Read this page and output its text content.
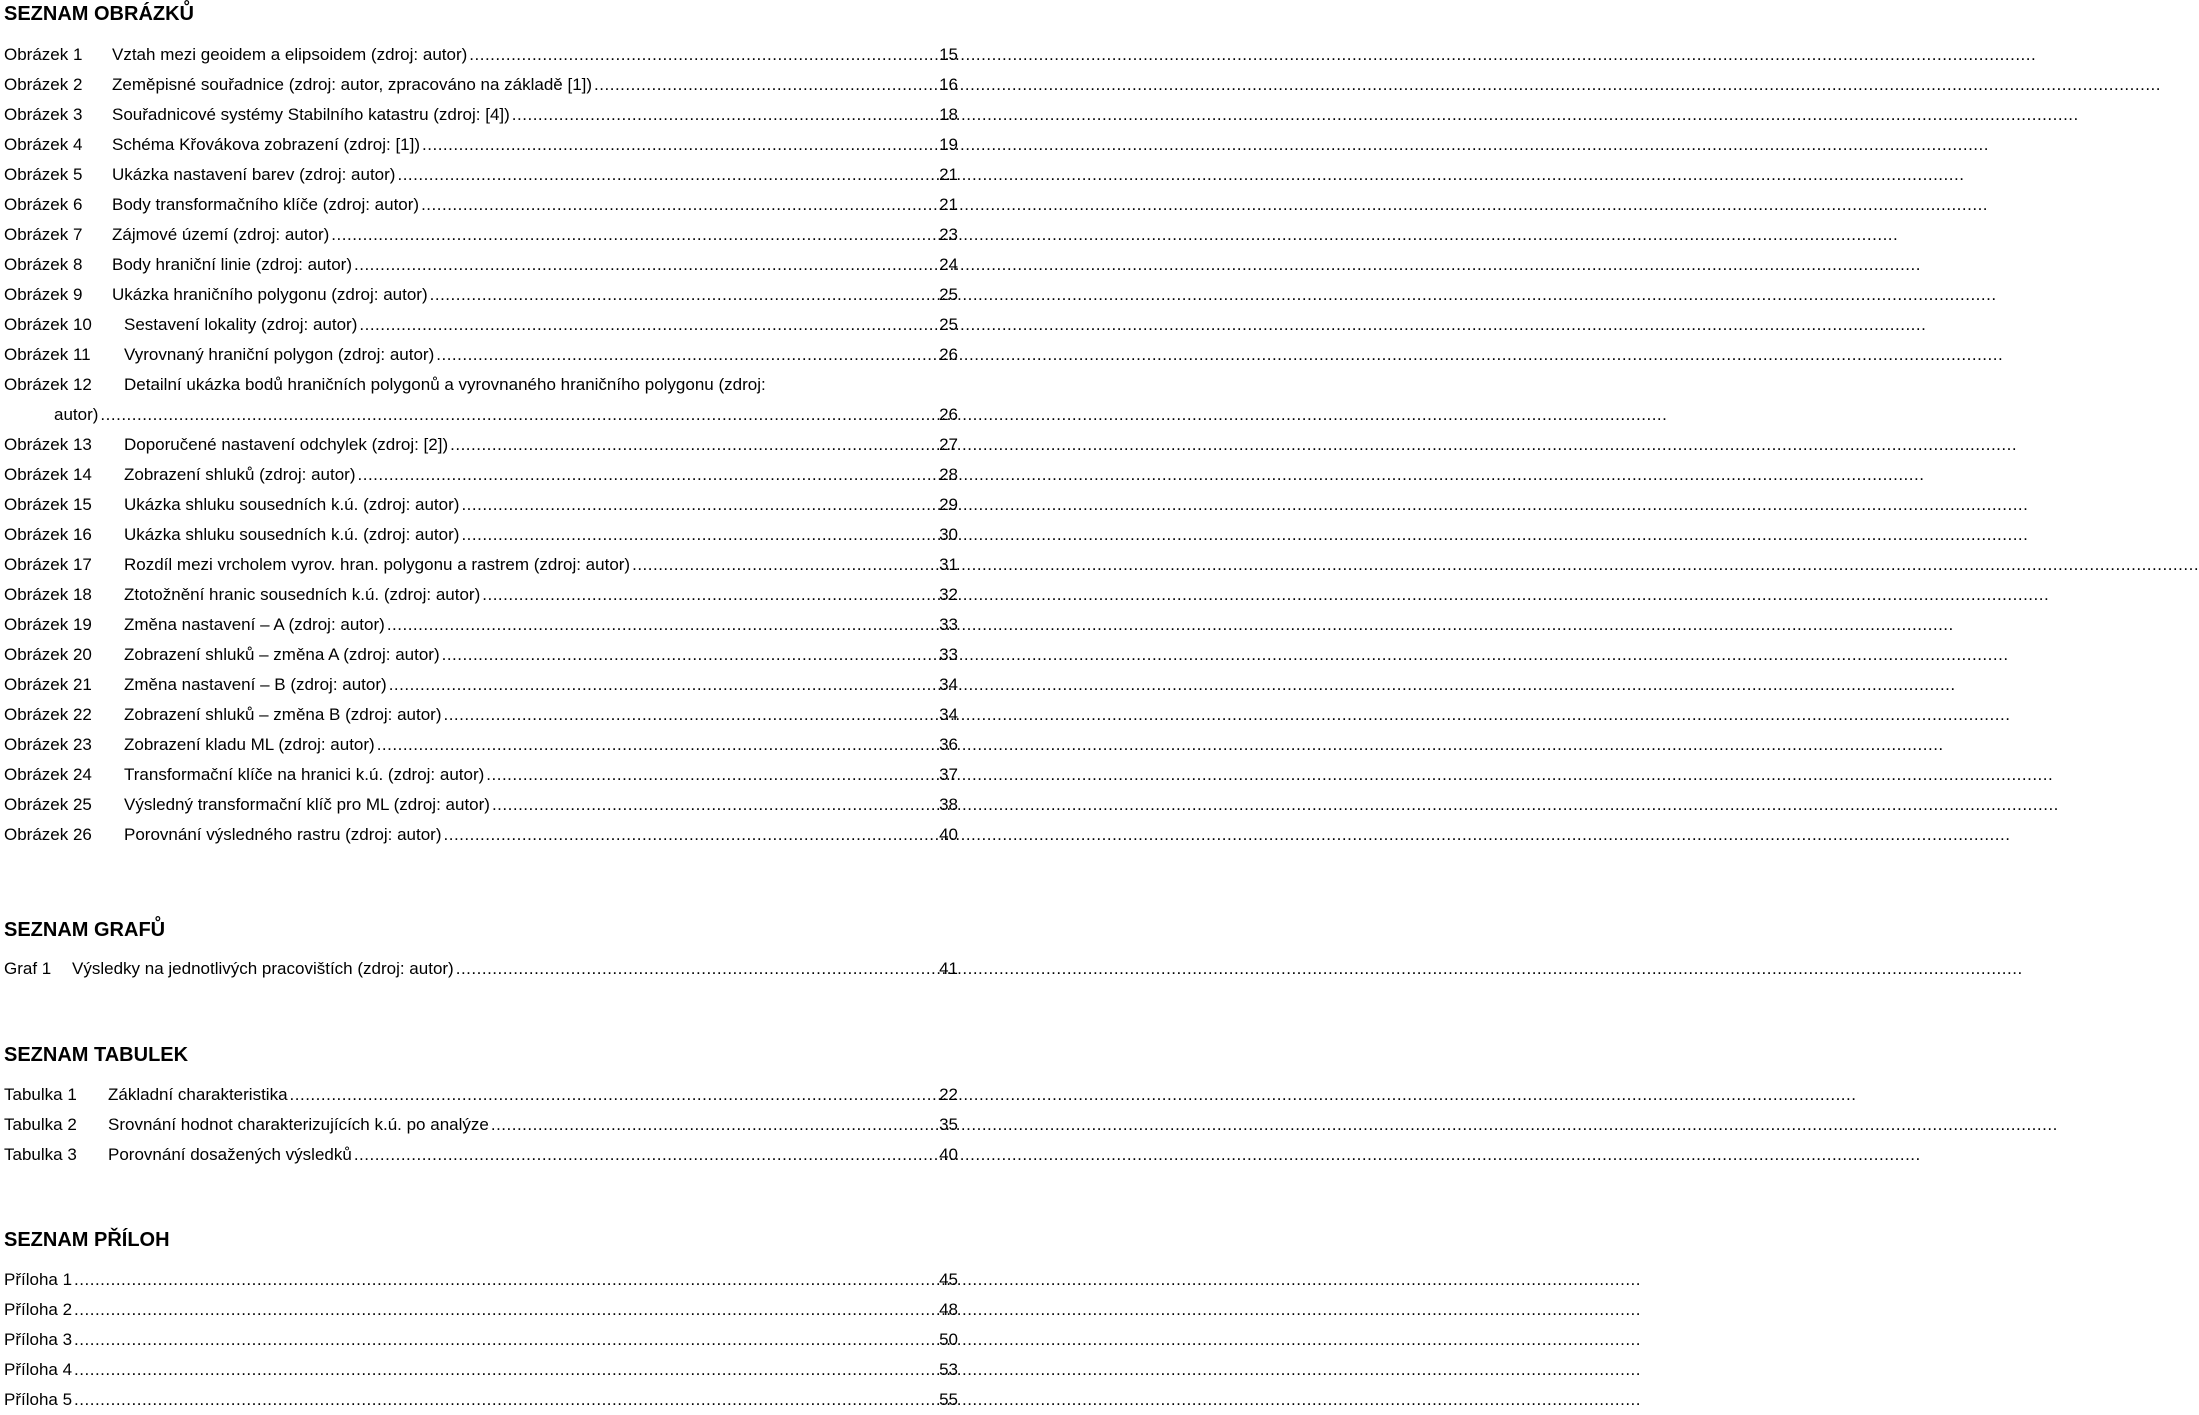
SEZNAM OBRÁZKŮ
Obrázek 1	Vztah mezi geoidem a elipsoidem (zdroj: autor) .....	15
Obrázek 2	Zeměpisné souřadnice (zdroj: autor, zpracováno na základě [1]) .....	16
Obrázek 3	Souřadnicové systémy Stabilního katastru (zdroj: [4]) .....	18
Obrázek 4	Schéma Křovákova zobrazení (zdroj: [1]) .....	19
Obrázek 5	Ukázka nastavení barev (zdroj: autor) .....	21
Obrázek 6	Body transformačního klíče (zdroj: autor) .....	21
Obrázek 7	Zájmové území (zdroj: autor) .....	23
Obrázek 8	Body hraniční linie (zdroj: autor) .....	24
Obrázek 9	Ukázka hraničního polygonu (zdroj: autor) .....	25
Obrázek 10	Sestavení lokality (zdroj: autor) .....	25
Obrázek 11	Vyrovnaný hraniční polygon (zdroj: autor) .....	26
Obrázek 12 Detailní ukázka bodů hraničních polygonů a vyrovnaného hraničního polygonu (zdroj:
autor) .....	26
Obrázek 13	Doporučené nastavení odchylek (zdroj: [2]) .....	27
Obrázek 14	Zobrazení shluků (zdroj: autor) .....	28
Obrázek 15	Ukázka shluku sousedních k.ú. (zdroj: autor) .....	29
Obrázek 16	Ukázka shluku sousedních k.ú. (zdroj: autor) .....	30
Obrázek 17	Rozdíl mezi vrcholem vyrov. hran. polygonu a rastrem (zdroj: autor) .....	31
Obrázek 18	Ztotožnění hranic sousedních k.ú. (zdroj: autor) .....	32
Obrázek 19	Změna nastavení – A (zdroj: autor) .....	33
Obrázek 20	Zobrazení shluků – změna A (zdroj: autor) .....	33
Obrázek 21	Změna nastavení – B (zdroj: autor) .....	34
Obrázek 22	Zobrazení shluků – změna B (zdroj: autor) .....	34
Obrázek 23	Zobrazení kladu ML (zdroj: autor) .....	36
Obrázek 24	Transformační klíče na hranici k.ú. (zdroj: autor) .....	37
Obrázek 25	Výsledný transformační klíč pro ML (zdroj: autor) .....	38
Obrázek 26	Porovnání výsledného rastru (zdroj: autor) .....	40
SEZNAM GRAFŮ
Graf 1	Výsledky na jednotlivých pracovištích (zdroj: autor) .....	41
SEZNAM TABULEK
Tabulka 1	Základní charakteristika .....	22
Tabulka 2	Srovnání hodnot charakterizujících k.ú. po analýze .....	35
Tabulka 3	Porovnání dosažených výsledků .....	40
SEZNAM PŘÍLOH
Příloha 1 .....	45
Příloha 2 .....	48
Příloha 3 .....	50
Příloha 4 .....	53
Příloha 5 .....	55
